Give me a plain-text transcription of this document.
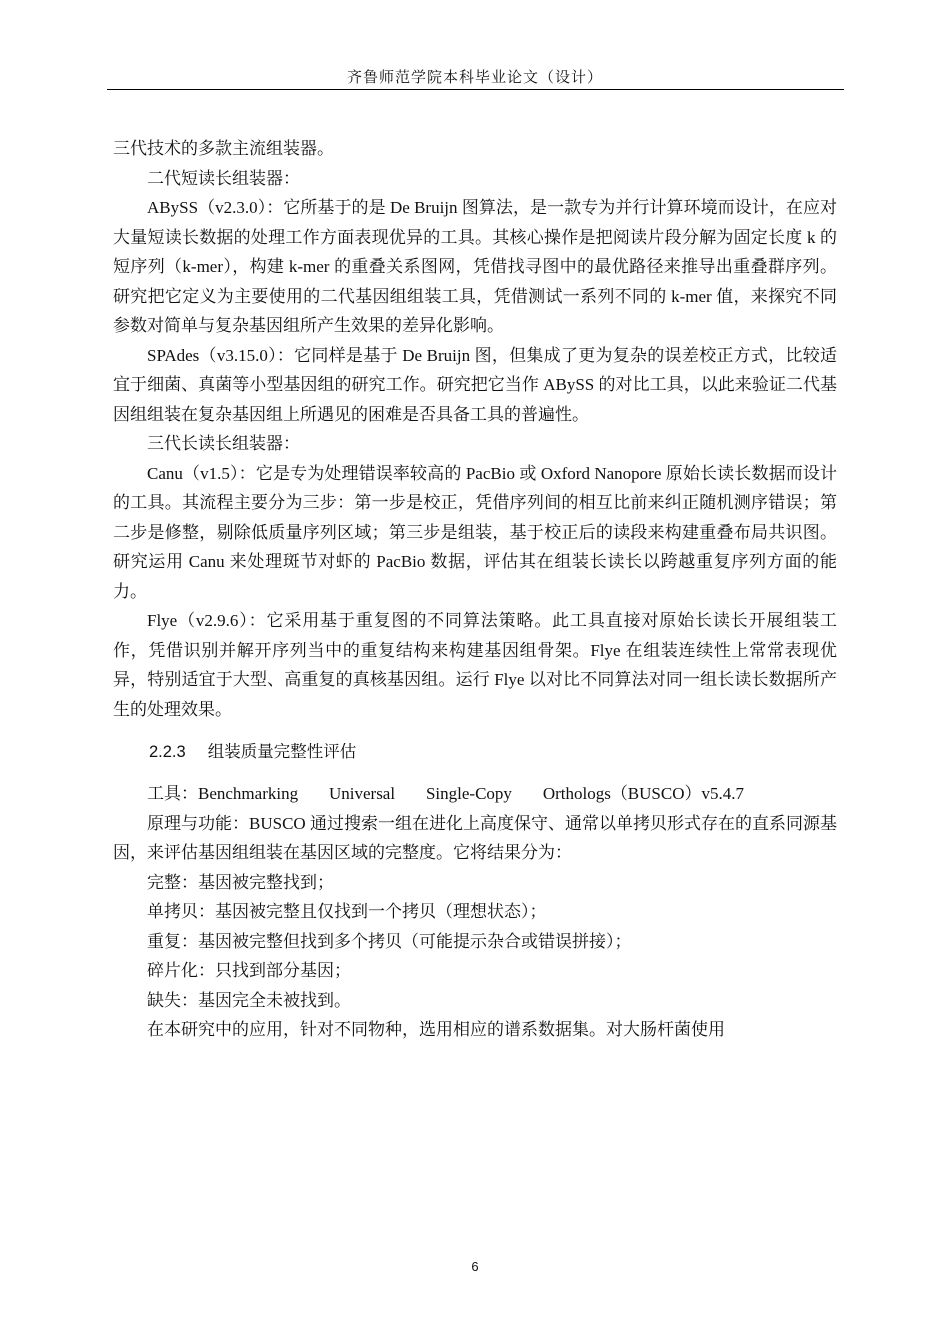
齐鲁师范学院本科毕业论文（设计）

三代技术的多款主流组装器。

二代短读长组装器：

ABySS（v2.3.0）：它所基于的是 De Bruijn 图算法，是一款专为并行计算环境而设计，在应对大量短读长数据的处理工作方面表现优异的工具。其核心操作是把阅读片段分解为固定长度 k 的短序列（k-mer），构建 k-mer 的重叠关系图网，凭借找寻图中的最优路径来推导出重叠群序列。研究把它定义为主要使用的二代基因组组装工具，凭借测试一系列不同的 k-mer 值，来探究不同参数对简单与复杂基因组所产生效果的差异化影响。

SPAdes（v3.15.0）：它同样是基于 De Bruijn 图，但集成了更为复杂的误差校正方式，比较适宜于细菌、真菌等小型基因组的研究工作。研究把它当作 ABySS 的对比工具，以此来验证二代基因组组装在复杂基因组上所遇见的困难是否具备工具的普遍性。

三代长读长组装器：

Canu（v1.5）：它是专为处理错误率较高的 PacBio 或 Oxford Nanopore 原始长读长数据而设计的工具。其流程主要分为三步：第一步是校正，凭借序列间的相互比前来纠正随机测序错误；第二步是修整，剔除低质量序列区域；第三步是组装，基于校正后的读段来构建重叠布局共识图。研究运用 Canu 来处理斑节对虾的 PacBio 数据，评估其在组装长读长以跨越重复序列方面的能力。

Flye（v2.9.6）：它采用基于重复图的不同算法策略。此工具直接对原始长读长开展组装工作，凭借识别并解开序列当中的重复结构来构建基因组骨架。Flye 在组装连续性上常常表现优异，特别适宜于大型、高重复的真核基因组。运行 Flye 以对比不同算法对同一组长读长数据所产生的处理效果。

2.2.3 组装质量完整性评估
工具：Benchmarking Universal Single-Copy Orthologs（BUSCO）v5.4.7

原理与功能：BUSCO 通过搜索一组在进化上高度保守、通常以单拷贝形式存在的直系同源基因，来评估基因组组装在基因区域的完整度。它将结果分为：

完整：基因被完整找到；

单拷贝：基因被完整且仅找到一个拷贝（理想状态）；

重复：基因被完整但找到多个拷贝（可能提示杂合或错误拼接）；

碎片化：只找到部分基因；

缺失：基因完全未被找到。

在本研究中的应用，针对不同物种，选用相应的谱系数据集。对大肠杆菌使用

6
